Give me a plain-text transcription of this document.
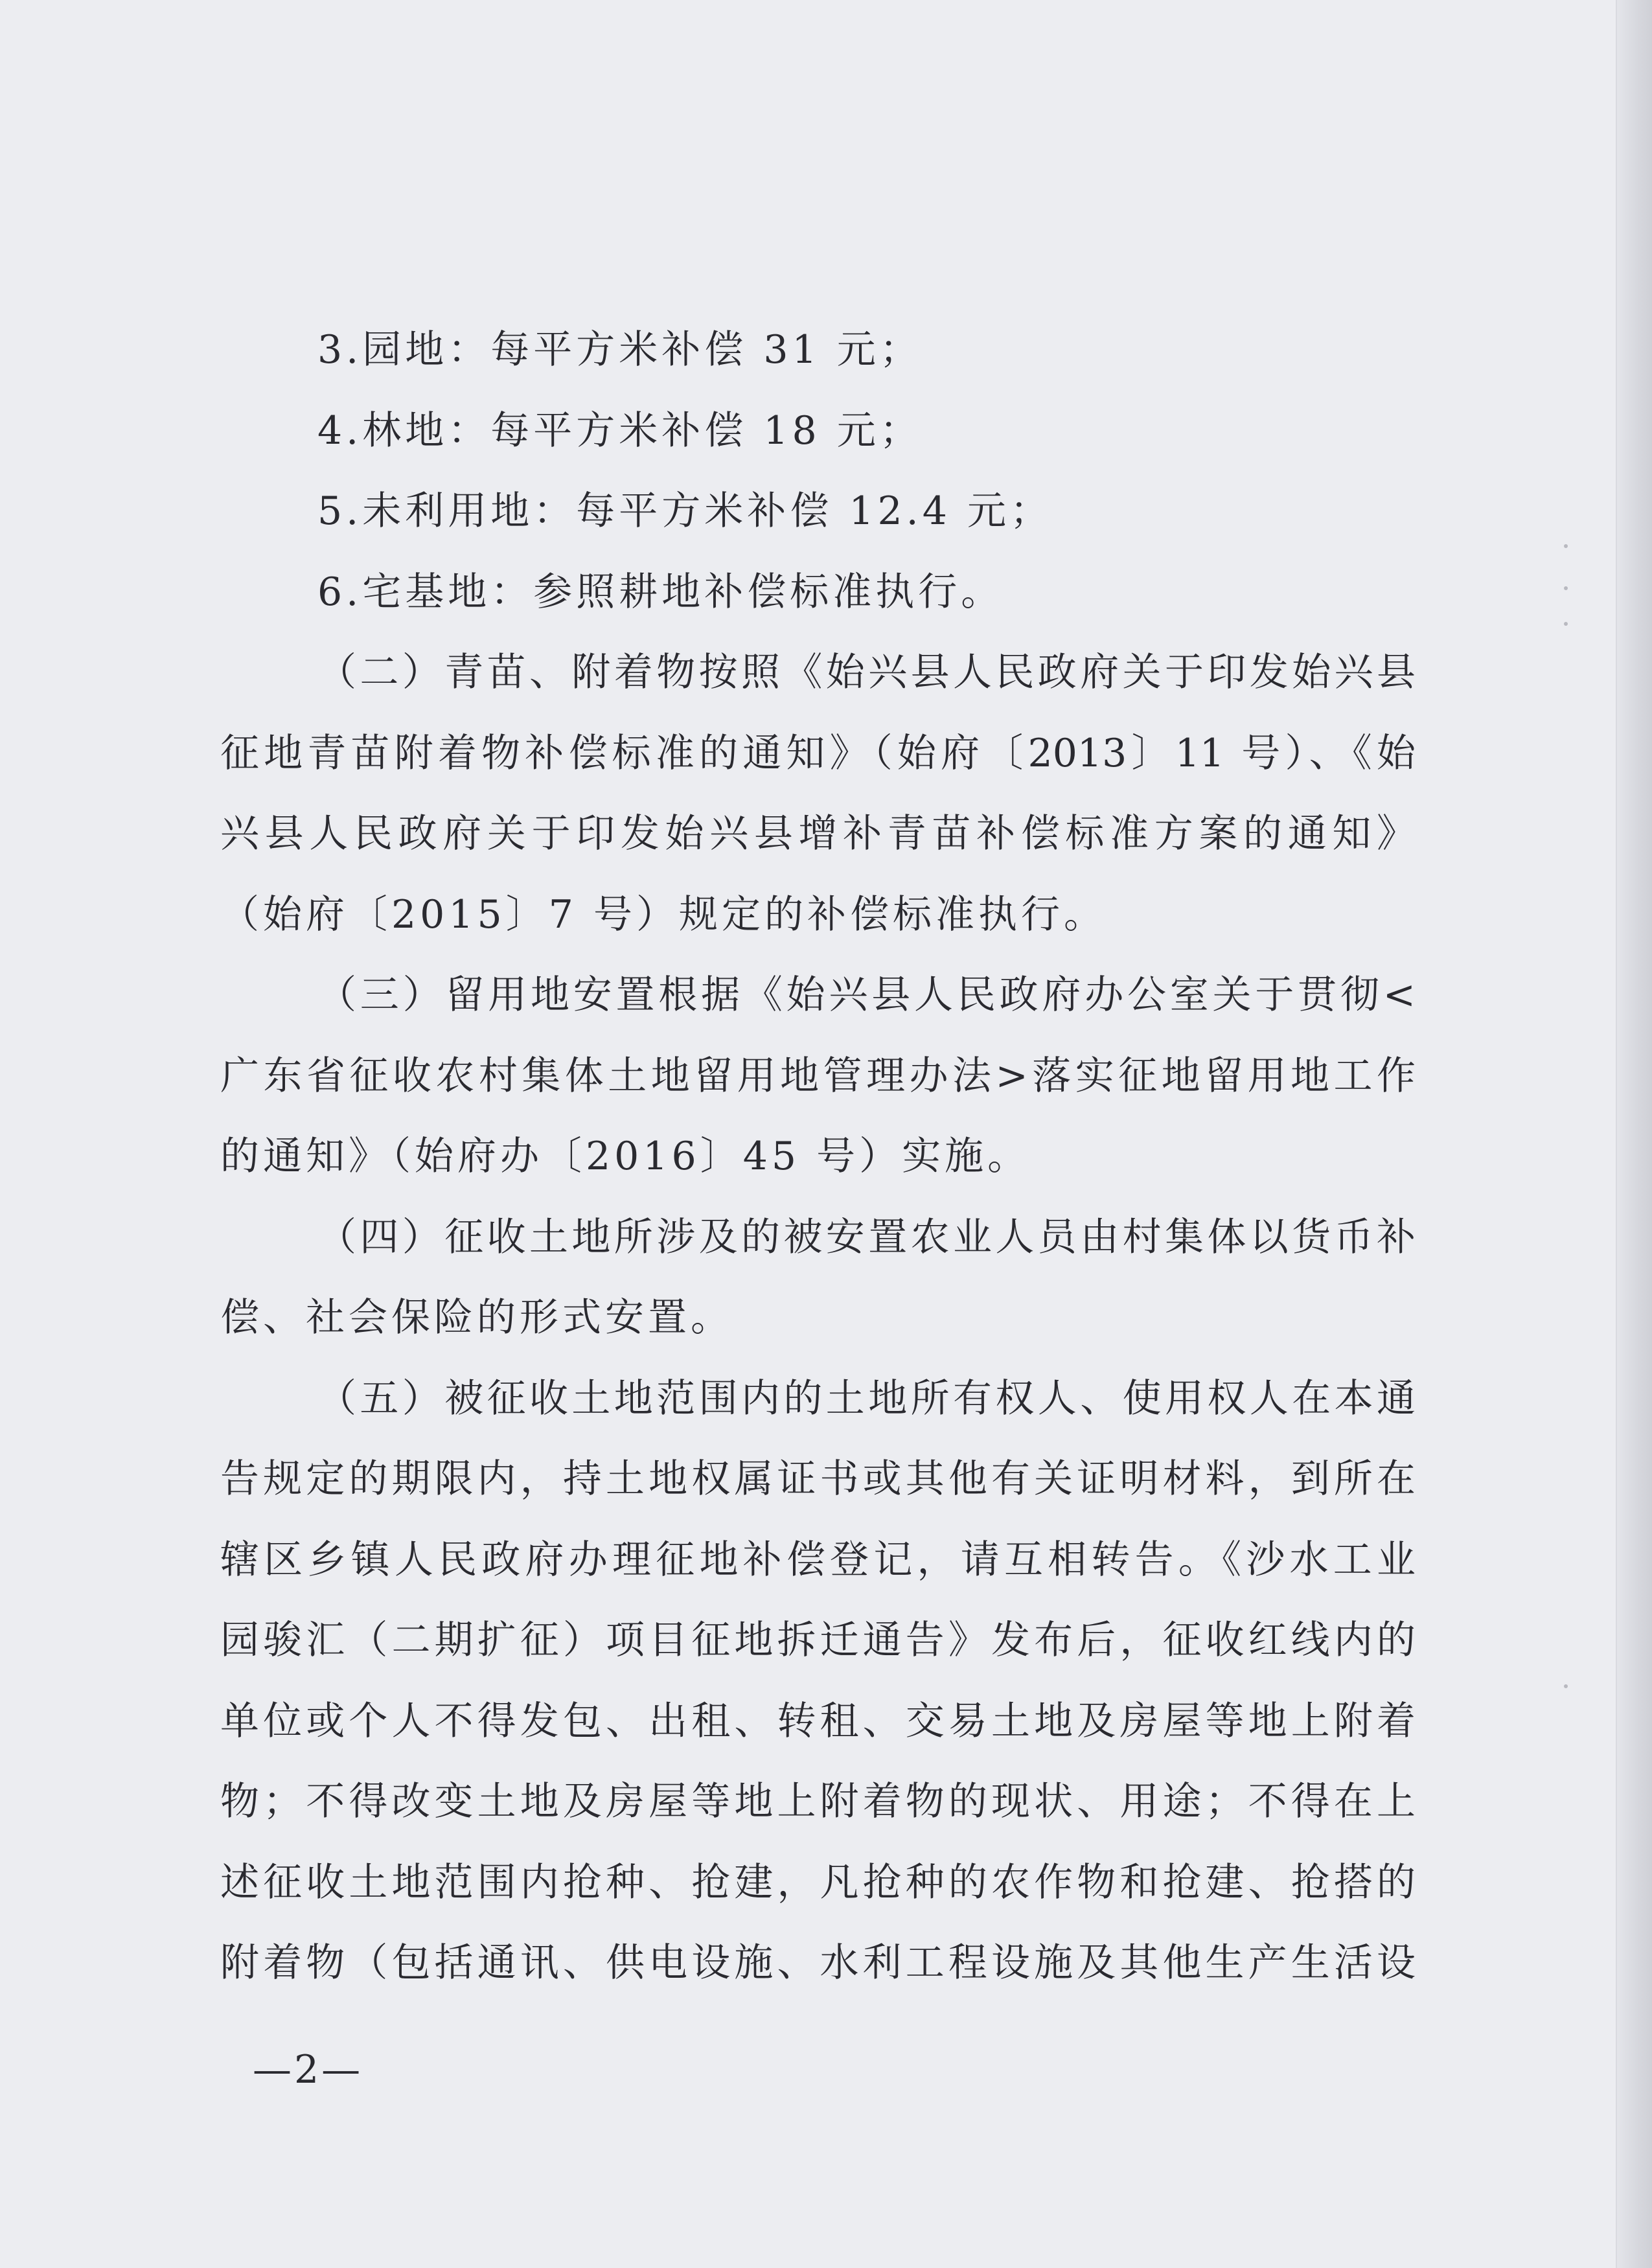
3.园地：每平方米补偿 31 元；
4.林地：每平方米补偿 18 元；
5.未利用地：每平方米补偿 12.4 元；
6.宅基地：参照耕地补偿标准执行。
（二）青苗、附着物按照《始兴县人民政府关于印发始兴县
征地青苗附着物补偿标准的通知》（始府〔2013〕11 号）、《始
兴县人民政府关于印发始兴县增补青苗补偿标准方案的通知》
（始府〔2015〕7 号）规定的补偿标准执行。
（三）留用地安置根据《始兴县人民政府办公室关于贯彻<
广东省征收农村集体土地留用地管理办法>落实征地留用地工作
的通知》（始府办〔2016〕45 号）实施。
（四）征收土地所涉及的被安置农业人员由村集体以货币补
偿、社会保险的形式安置。
（五）被征收土地范围内的土地所有权人、使用权人在本通
告规定的期限内，持土地权属证书或其他有关证明材料，到所在
辖区乡镇人民政府办理征地补偿登记，请互相转告。《沙水工业
园骏汇（二期扩征）项目征地拆迁通告》发布后，征收红线内的
单位或个人不得发包、出租、转租、交易土地及房屋等地上附着
物；不得改变土地及房屋等地上附着物的现状、用途；不得在上
述征收土地范围内抢种、抢建，凡抢种的农作物和抢建、抢搭的
附着物（包括通讯、供电设施、水利工程设施及其他生产生活设
—2—
